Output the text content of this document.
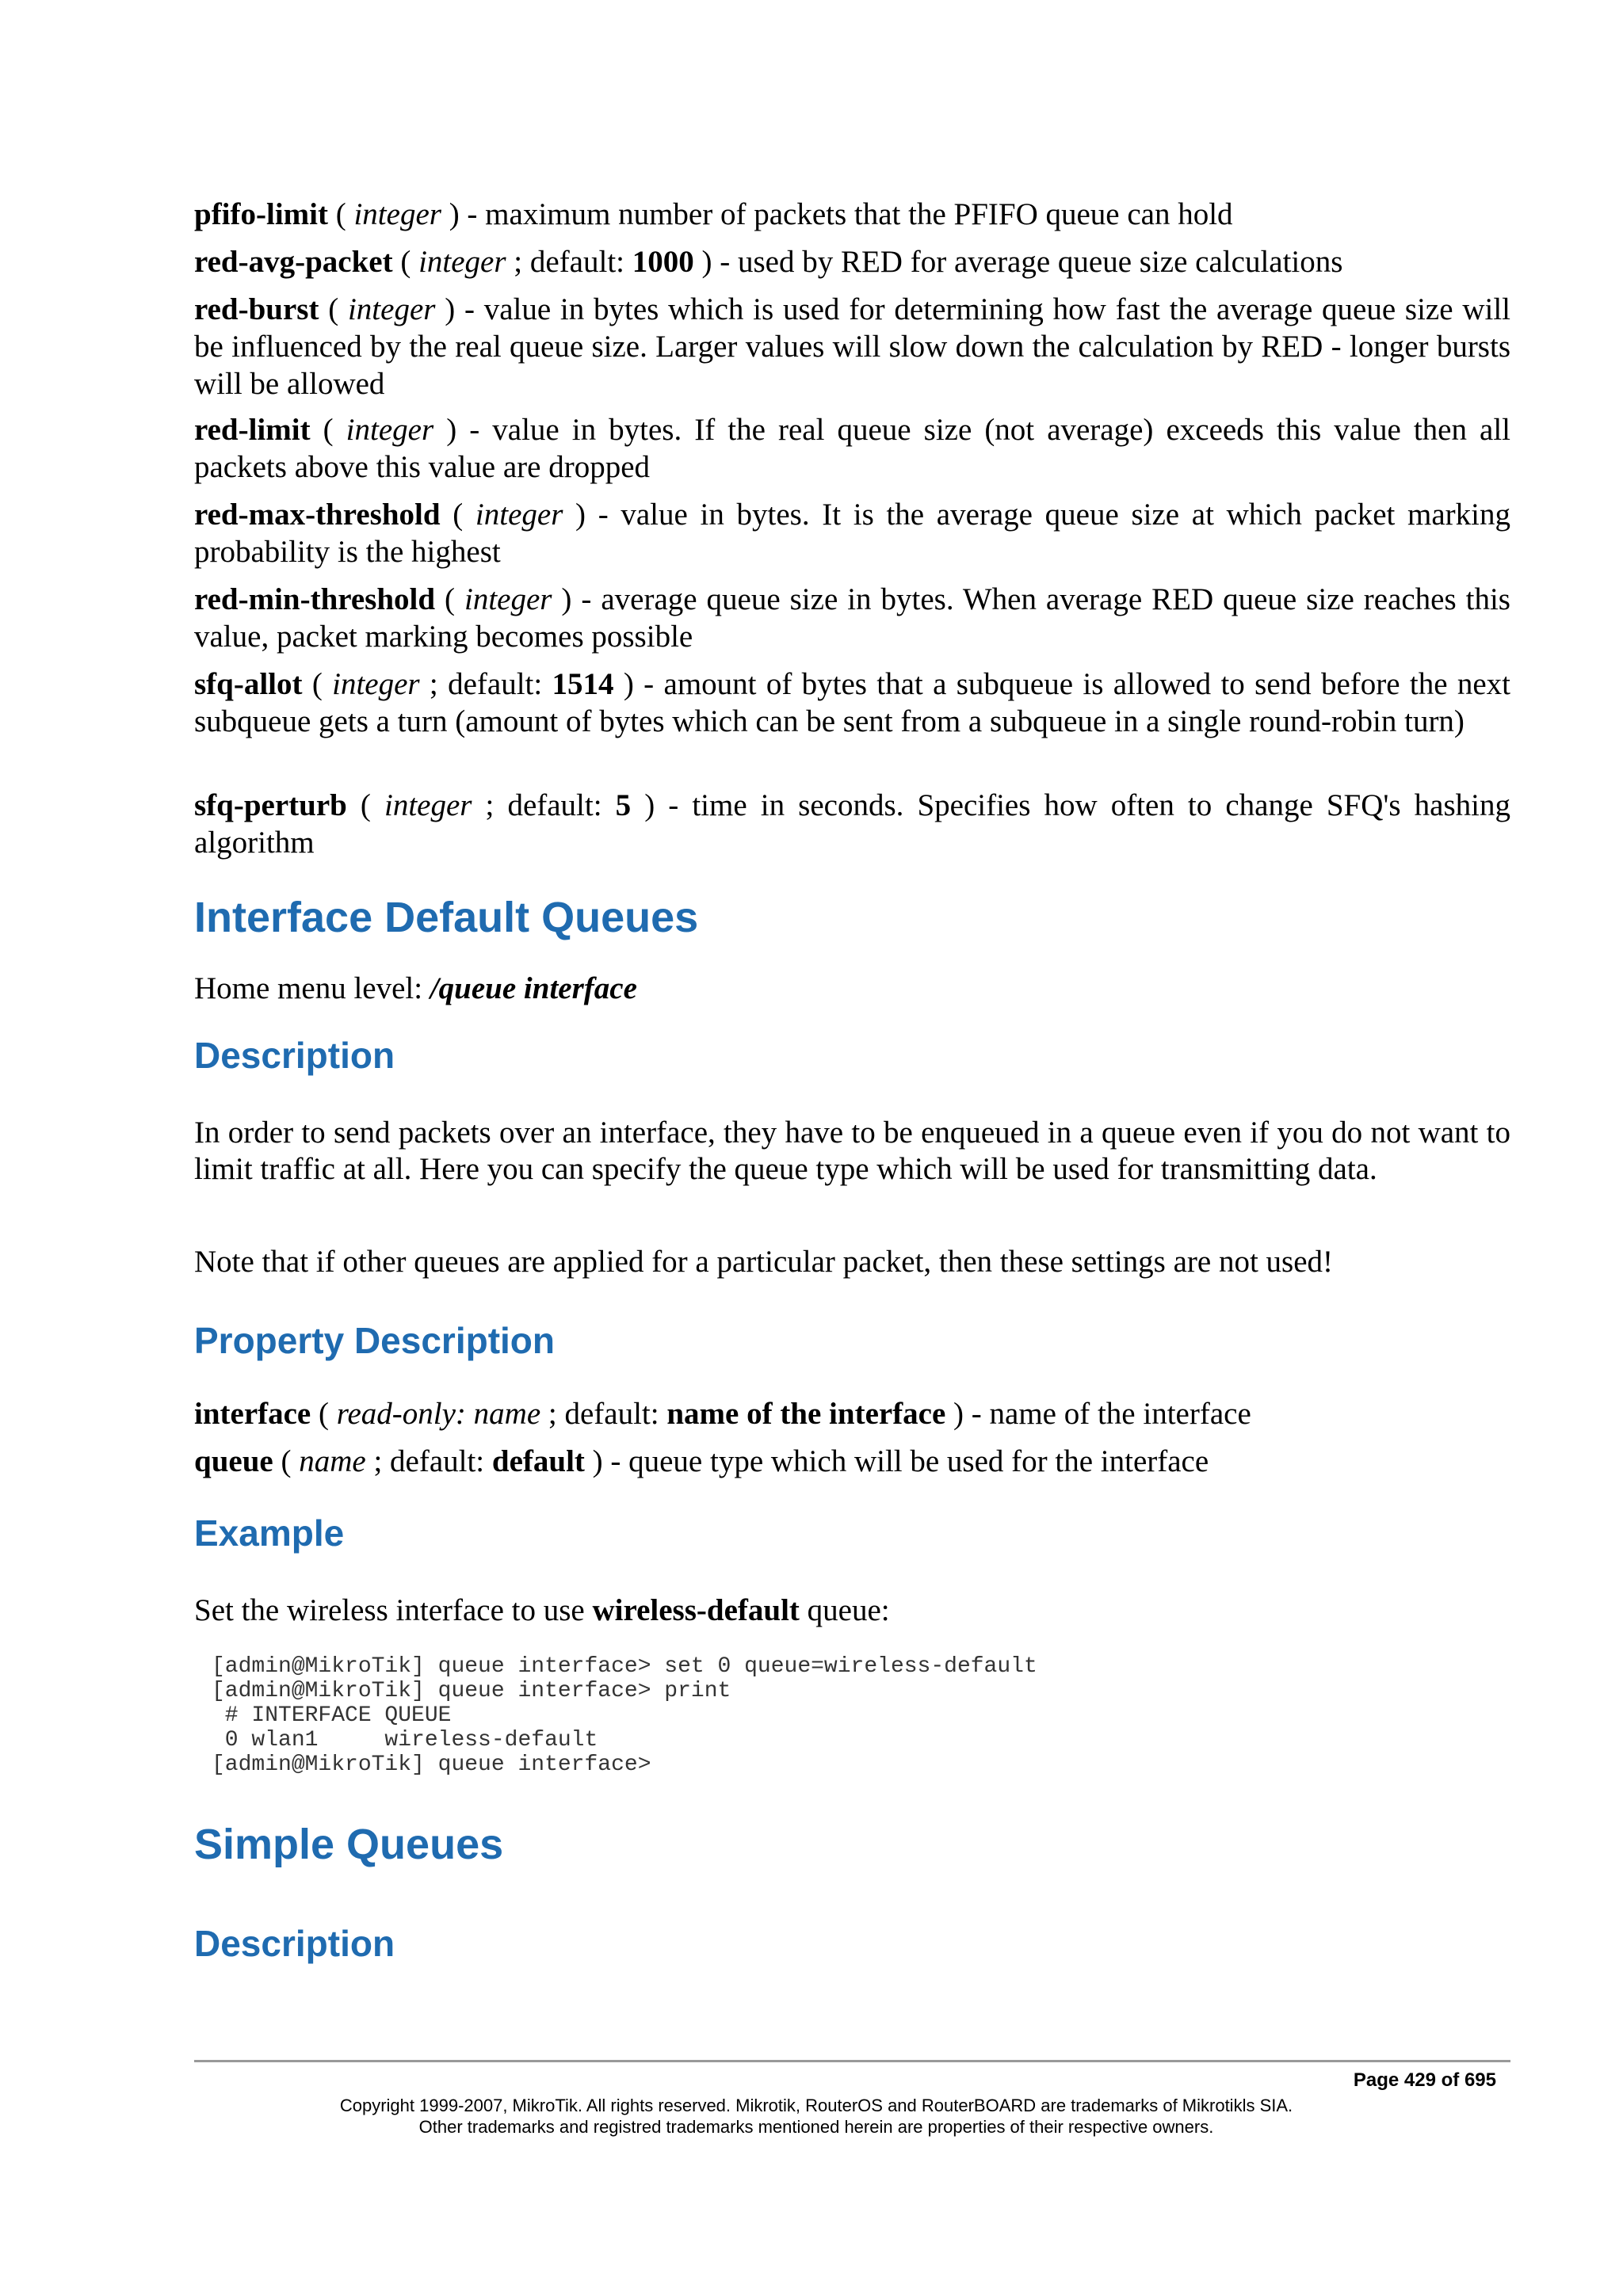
pfifo-limit ( integer ) - maximum number of packets that the PFIFO queue can hold
red-avg-packet ( integer ; default: 1000 ) - used by RED for average queue size calculations
red-burst ( integer ) - value in bytes which is used for determining how fast the average queue size will be influenced by the real queue size. Larger values will slow down the calculation by RED - longer bursts will be allowed
red-limit ( integer ) - value in bytes. If the real queue size (not average) exceeds this value then all packets above this value are dropped
red-max-threshold ( integer ) - value in bytes. It is the average queue size at which packet marking probability is the highest
red-min-threshold ( integer ) - average queue size in bytes. When average RED queue size reaches this value, packet marking becomes possible
sfq-allot ( integer ; default: 1514 ) - amount of bytes that a subqueue is allowed to send before the next subqueue gets a turn (amount of bytes which can be sent from a subqueue in a single round-robin turn)
sfq-perturb ( integer ; default: 5 ) - time in seconds. Specifies how often to change SFQ's hashing algorithm
Interface Default Queues
Home menu level: /queue interface
Description
In order to send packets over an interface, they have to be enqueued in a queue even if you do not want to limit traffic at all. Here you can specify the queue type which will be used for transmitting data.
Note that if other queues are applied for a particular packet, then these settings are not used!
Property Description
interface ( read-only: name ; default: name of the interface ) - name of the interface
queue ( name ; default: default ) - queue type which will be used for the interface
Example
Set the wireless interface to use wireless-default queue:
[admin@MikroTik] queue interface> set 0 queue=wireless-default
[admin@MikroTik] queue interface> print
# INTERFACE QUEUE
0 wlan1     wireless-default
[admin@MikroTik] queue interface>
Simple Queues
Description
Page 429 of 695
Copyright 1999-2007, MikroTik. All rights reserved. Mikrotik, RouterOS and RouterBOARD are trademarks of Mikrotikls SIA.
Other trademarks and registred trademarks mentioned herein are properties of their respective owners.
